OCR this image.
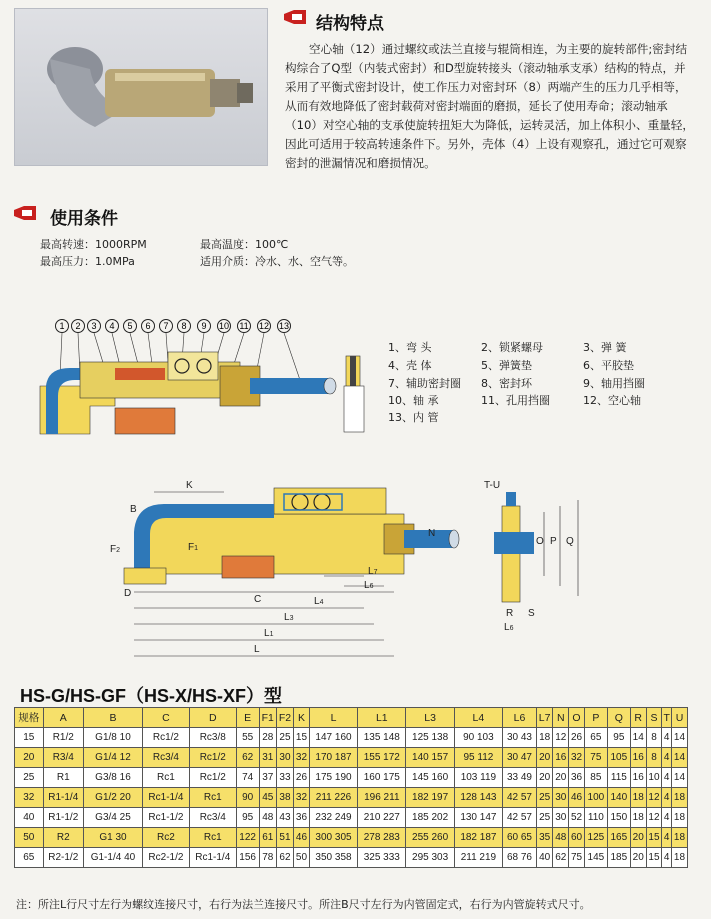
结构特点
空心轴（12）通过螺纹或法兰直接与辊筒相连，为主要的旋转部件;密封结构综合了Q型（内装式密封）和D型旋转接头（滚动轴承支承）结构的特点，并采用了平衡式密封设计，使工作压力对密封环（8）两端产生的压力几乎相等，从而有效地降低了密封载荷对密封端面的磨损，延长了使用寿命；滚动轴承（10）对空心轴的支承使旋转扭矩大为降低，运转灵活，加上体积小、重量轻，因此可适用于较高转速条件下。另外，壳体（4）上设有观察孔，通过它可观察密封的泄漏情况和磨损情况。
使用条件
最高转速：1000RPM
最高压力：1.0MPa
最高温度：100℃
适用介质：冷水、水、空气等。
1 2 3 4 5 6 7 8 9 10 11 12 13
1、弯 头	2、锁紧螺母	3、弹 簧
4、壳 体	5、弹簧垫	6、平胶垫
7、辅助密封圈 8、密封环	9、轴用挡圈
10、轴 承	11、孔用挡圈	12、空心轴
13、内 管
K
B
F2	F1
D
C
N
L7
L6
L4
L3
L1
L
T-U
O P Q
R S
L6
HS-G/HS-GF（HS-X/HS-XF）型
规格	A	B	C	D	E	F1	F2	K	L	L1	L3	L4	L6	L7	N	O	P	Q	R	S	T	U
15	R1/2	G1/8 10	Rc1/2	Rc3/8	55	28	25	15	147 160	135 148	125 138	90 103	30 43	18	12	26	65	95	14	8	4	14
20	R3/4	G1/4 12	Rc3/4	Rc1/2	62	31	30	32	170 187	155 172	140 157	95 112	30 47	20	16	32	75	105	16	8	4	14
25	R1	G3/8 16	Rc1	Rc1/2	74	37	33	26	175 190	160 175	145 160	103 119	33 49	20	20	36	85	115	16	10	4	14
32	R1-1/4	G1/2 20	Rc1-1/4	Rc1	90	45	38	32	211 226	196 211	182 197	128 143	42 57	25	30	46	100	140	18	12	4	18
40	R1-1/2	G3/4 25	Rc1-1/2	Rc3/4	95	48	43	36	232 249	210 227	185 202	130 147	42 57	25	30	52	110	150	18	12	4	18
50	R2	G1 30	Rc2	Rc1	122	61	51	46	300 305	278 283	255 260	182 187	60 65	35	48	60	125	165	20	15	4	18
65	R2-1/2	G1-1/4 40	Rc2-1/2	Rc1-1/4	156	78	62	50	350 358	325 333	295 303	211 219	68 76	40	62	75	145	185	20	15	4	18
注：所注L行尺寸左行为螺纹连接尺寸，右行为法兰连接尺寸。所注B尺寸左行为内管固定式，右行为内管旋转式尺寸。
